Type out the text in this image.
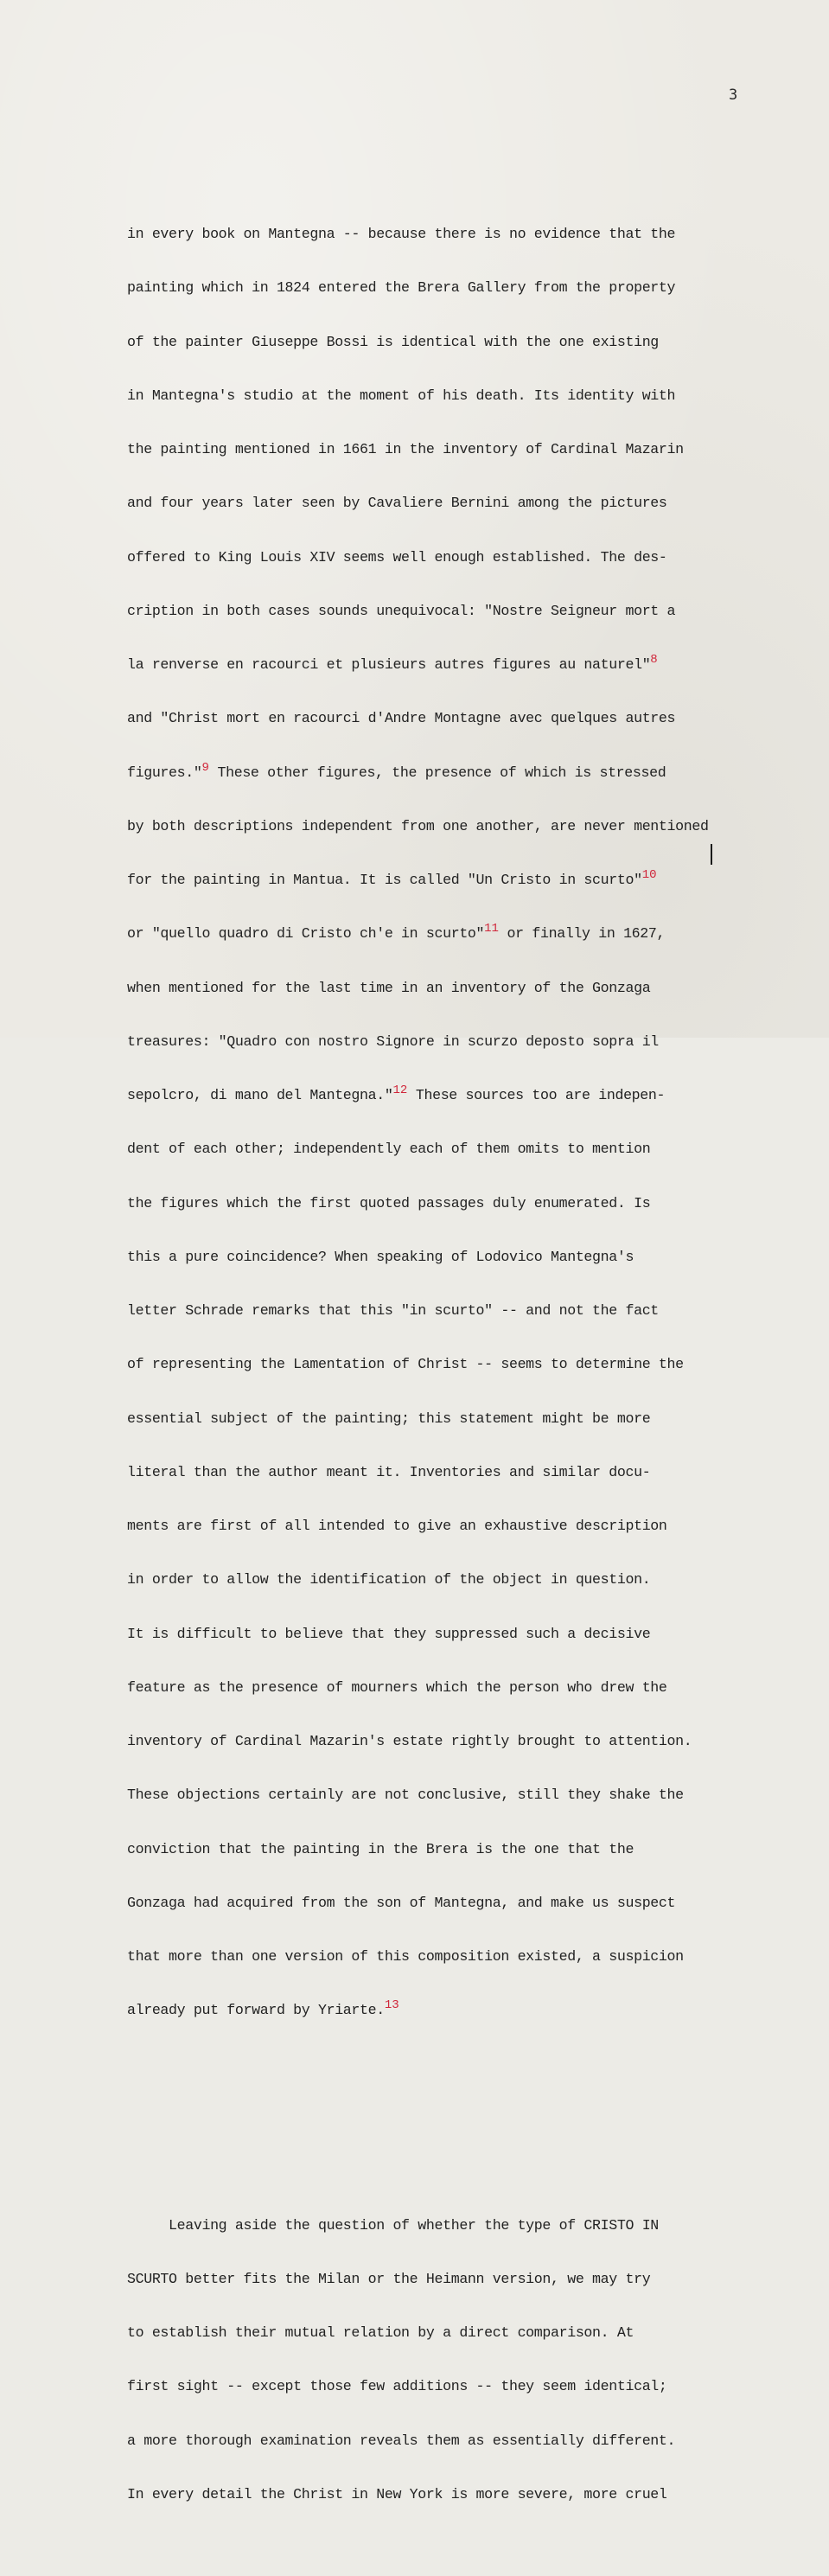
3

in every book on Mantegna -- because there is no evidence that the

painting which in 1824 entered the Brera Gallery from the property

of the painter Giuseppe Bossi is identical with the one existing

in Mantegna's studio at the moment of his death. Its identity with

the painting mentioned in 1661 in the inventory of Cardinal Mazarin

and four years later seen by Cavaliere Bernini among the pictures

offered to King Louis XIV seems well enough established. The des-

cription in both cases sounds unequivocal: "Nostre Seigneur mort a

la renverse en racourci et plusieurs autres figures au naturel"$^8$

and "Christ mort en racourci d'Andre Montagne avec quelques autres

figures."$^9$ These other figures, the presence of which is stressed

by both descriptions independent from one another, are never mentioned

for the painting in Mantua. It is called "Un Cristo in scurto"$^{10}$

or "quello quadro di Cristo ch'e in scurto"$^{11}$ or finally in 1627,

when mentioned for the last time in an inventory of the Gonzaga

treasures: "Quadro con nostro Signore in scurzo deposto sopra il

sepolcro, di mano del Mantegna."$^{12}$ These sources too are indepen-

dent of each other; independently each of them omits to mention

the figures which the first quoted passages duly enumerated. Is

this a pure coincidence? When speaking of Lodovico Mantegna's

letter Schrade remarks that this "in scurto" -- and not the fact

of representing the Lamentation of Christ -- seems to determine the

essential subject of the painting; this statement might be more

literal than the author meant it. Inventories and similar docu-

ments are first of all intended to give an exhaustive description

in order to allow the identification of the object in question.

It is difficult to believe that they suppressed such a decisive

feature as the presence of mourners which the person who drew the

inventory of Cardinal Mazarin's estate rightly brought to attention.

These objections certainly are not conclusive, still they shake the

conviction that the painting in the Brera is the one that the

Gonzaga had acquired from the son of Mantegna, and make us suspect

that more than one version of this composition existed, a suspicion

already put forward by Yriarte.$^{13}$

Leaving aside the question of whether the type of CRISTO IN

SCURTO better fits the Milan or the Heimann version, we may try

to establish their mutual relation by a direct comparison. At

first sight -- except those few additions -- they seem identical;

a more thorough examination reveals them as essentially different.

In every detail the Christ in New York is more severe, more cruel
